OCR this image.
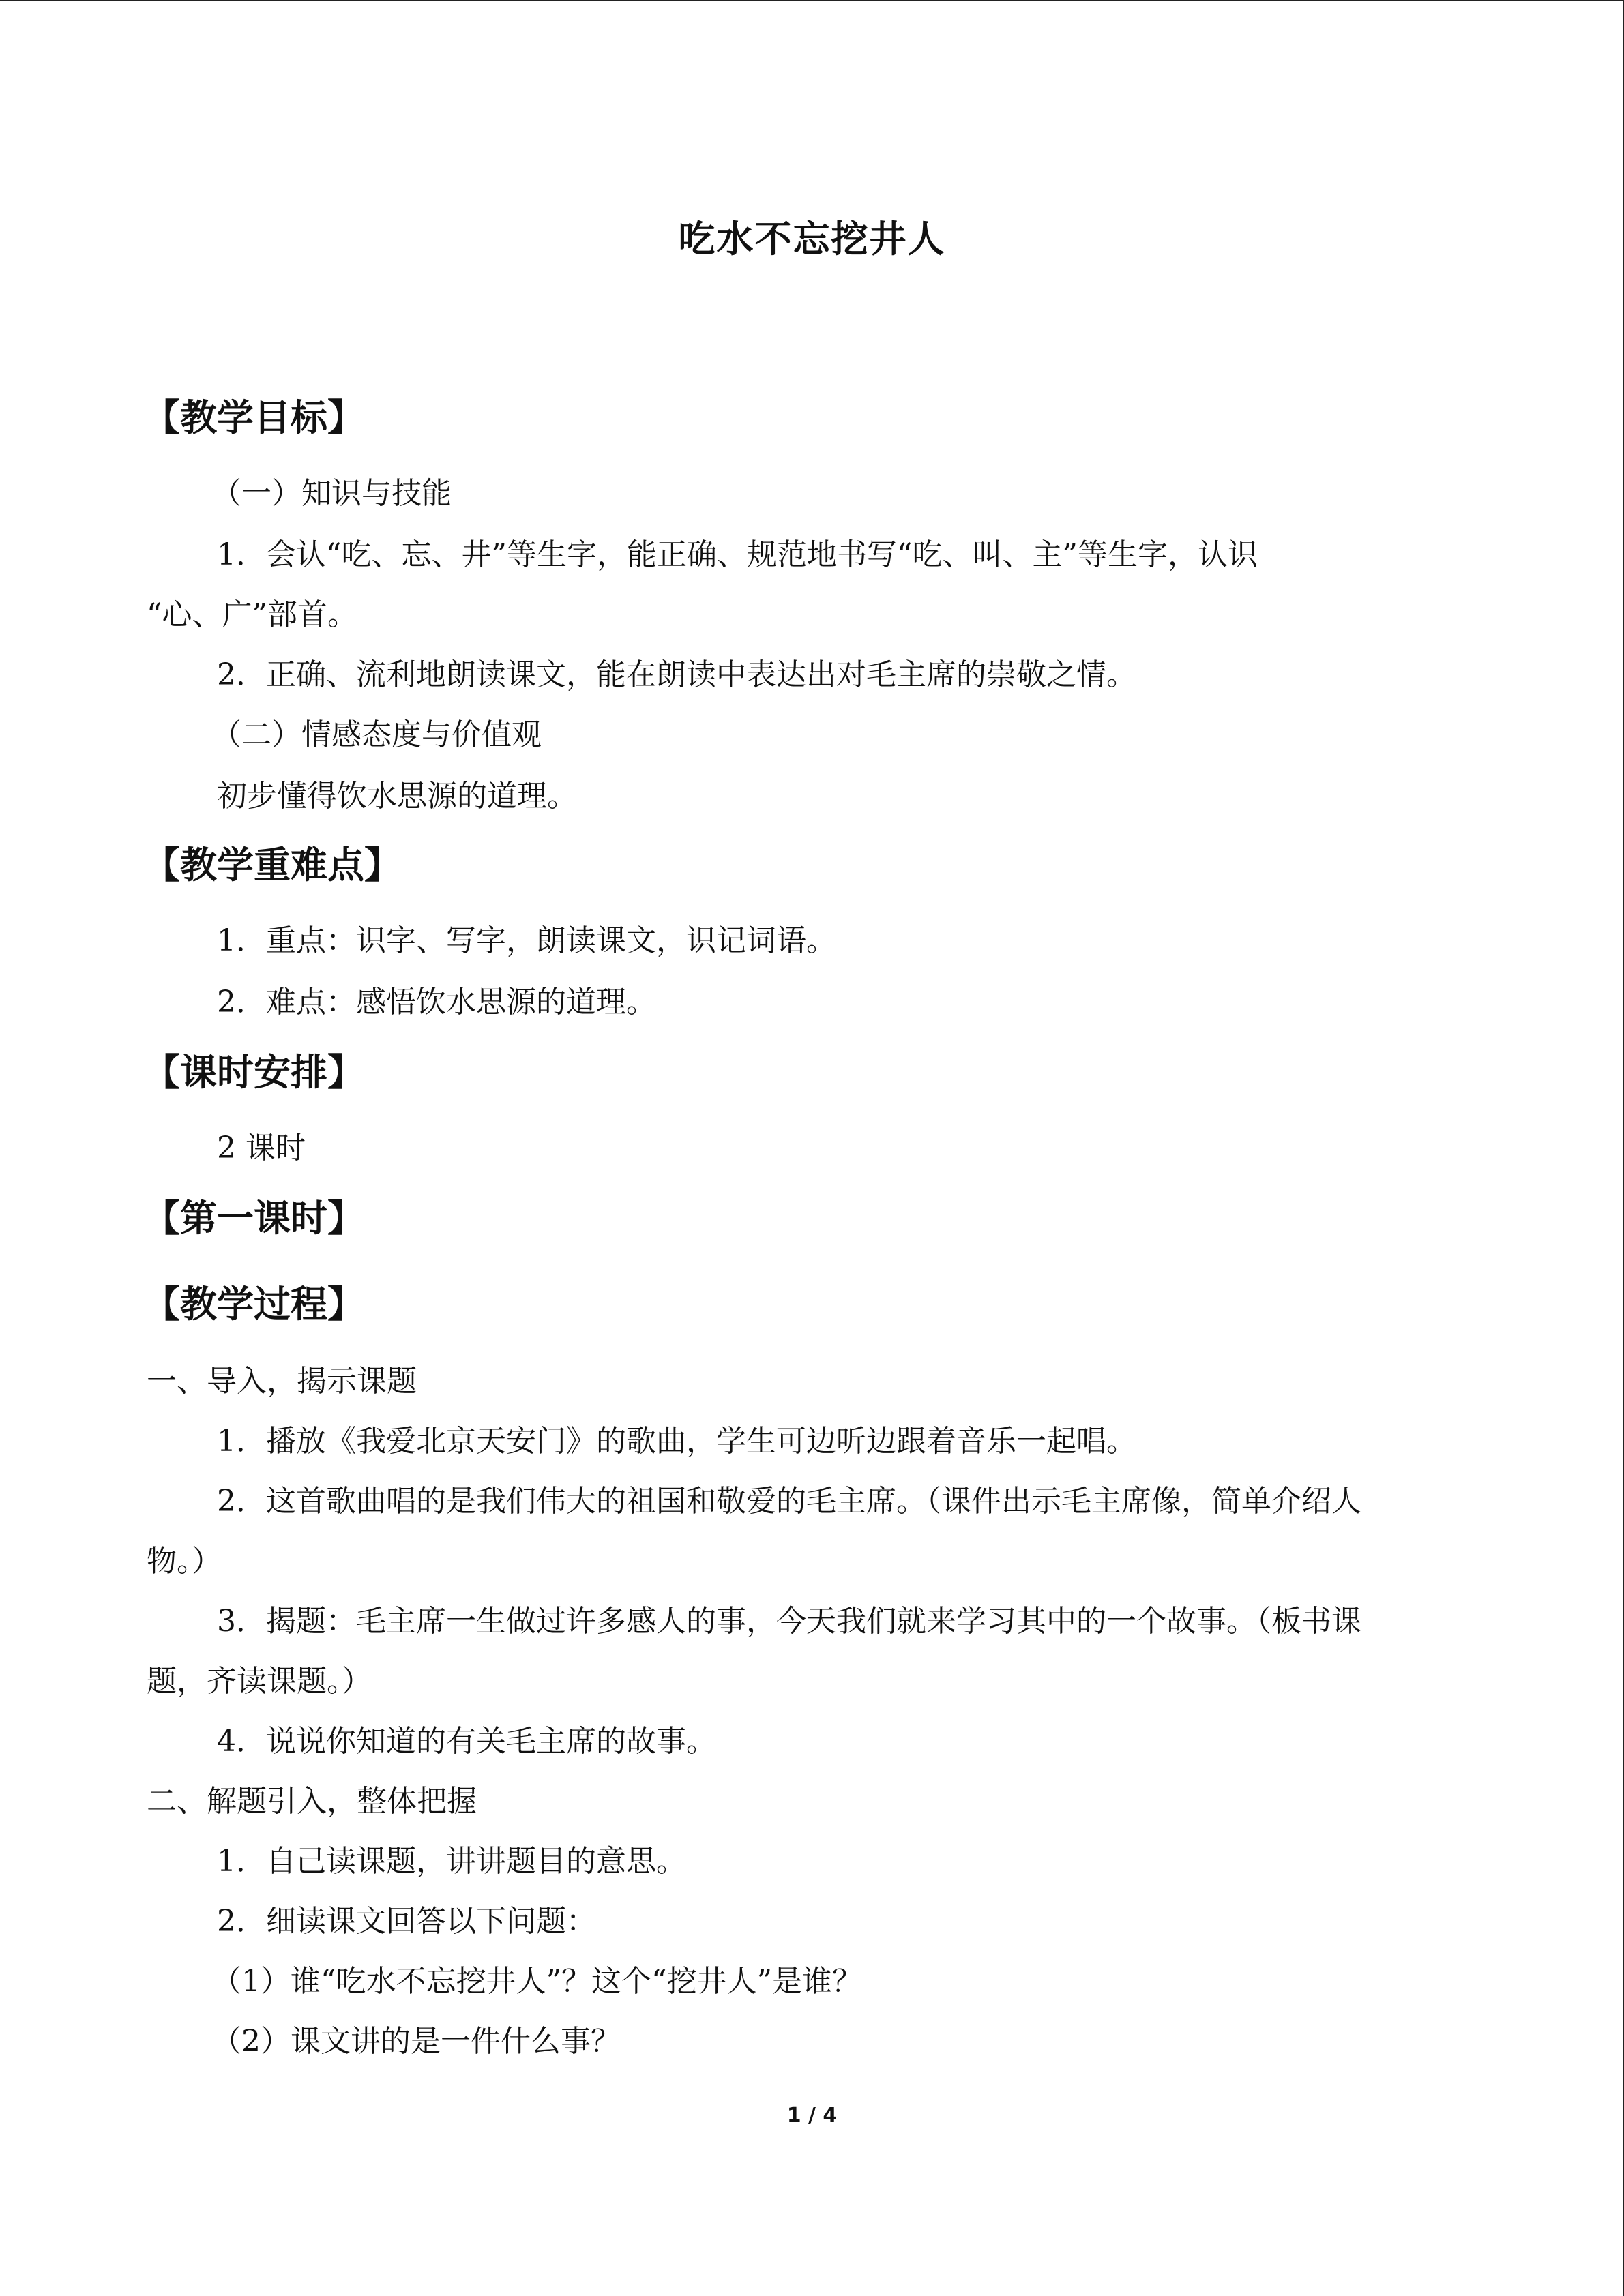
吃水不忘挖井人
【教学目标】
（一）知识与技能
1．会认“吃、忘、井”等生字，能正确、规范地书写“吃、叫、主”等生字，认识
“心、广”部首。
2．正确、流利地朗读课文，能在朗读中表达出对毛主席的崇敬之情。
（二）情感态度与价值观
初步懂得饮水思源的道理。
【教学重难点】
1．重点：识字、写字，朗读课文，识记词语。
2．难点：感悟饮水思源的道理。
【课时安排】
2 课时
【第一课时】
【教学过程】
一、导入，揭示课题
1．播放《我爱北京天安门》的歌曲，学生可边听边跟着音乐一起唱。
2．这首歌曲唱的是我们伟大的祖国和敬爱的毛主席。（课件出示毛主席像，简单介绍人
物。）
3．揭题：毛主席一生做过许多感人的事，今天我们就来学习其中的一个故事。（板书课
题，齐读课题。）
4．说说你知道的有关毛主席的故事。
二、解题引入，整体把握
1．自己读课题，讲讲题目的意思。
2．细读课文回答以下问题：
（1）谁“吃水不忘挖井人”？这个“挖井人”是谁？
（2）课文讲的是一件什么事？
1 / 4
